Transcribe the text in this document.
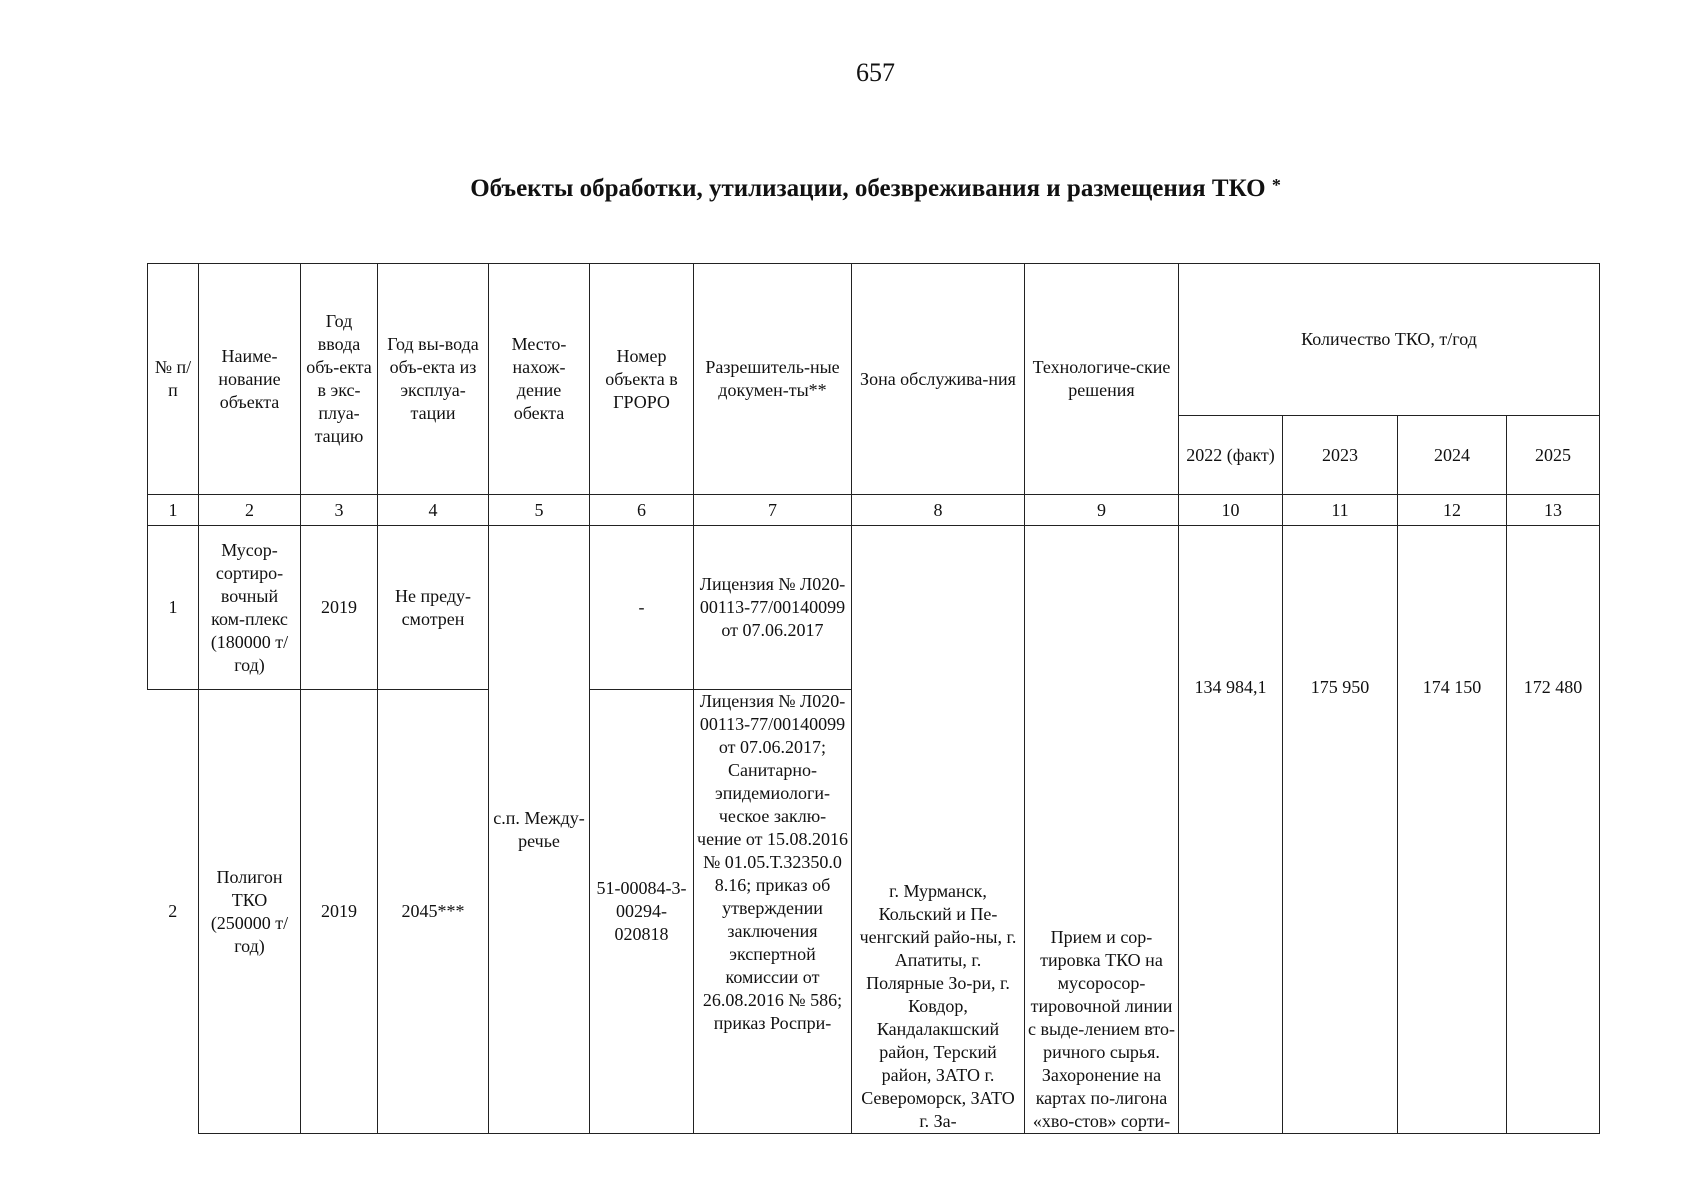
657
Объекты обработки, утилизации, обезвреживания и размещения ТКО *
№ п/п	Наиме-нование объекта	Год ввода объ-екта в экс-плуа-тацию	Год вы-вода объ-екта из эксплуа-тации	Место-нахож-дение обекта	Номер объекта в ГРОРО	Разрешитель-ные докумен-ты**	Зона обслужива-ния	Технологиче-ские решения	Количество ТКО, т/год			
									2022 (факт)	2023	2024	2025
1	2	3	4	5	6	7	8	9	10	11	12	13
1	Мусор-сортиро-вочный ком-плекс (180000 т/год)	2019	Не преду-смотрен	с.п. Между-речье	-	Лицензия № Л020-00113-77/00140099 от 07.06.2017	г. Мурманск, Кольский и Пе-ченгский райо-ны, г. Апатиты, г. Полярные Зо-ри, г. Ковдор, Кандалакшский район, Терский район, ЗАТО г. Североморск, ЗАТО г. За-	Прием и сор-тировка ТКО на мусоросор-тировочной линии с выде-лением вто-ричного сырья. Захоронение на картах по-лигона «хво-стов» сорти-	134 984,1	175 950	174 150	172 480
2	Полигон ТКО (250000 т/год)	2019	2045***		51-00084-3-00294-020818	Лицензия № Л020-00113-77/00140099 от 07.06.2017; Санитарно-эпидемиологи-ческое заклю-чение от 15.08.2016 № 01.05.Т.32350.0 8.16; приказ об утверждении заключения экспертной комиссии от 26.08.2016 № 586; приказ Роспри-						
